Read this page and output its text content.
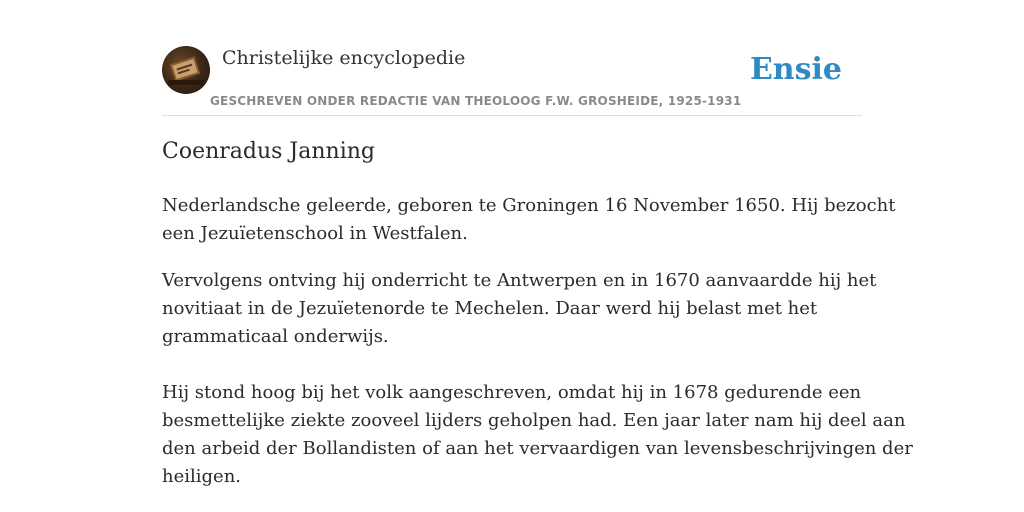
Christelijke encyclopedie
GESCHREVEN ONDER REDACTIE VAN THEOLOOG F.W. GROSHEIDE, 1925-1931
Ensie
Coenradus Janning
Nederlandsche geleerde, geboren te Groningen 16 November 1650. Hij bezocht
een Jezuïetenschool in Westfalen.
Vervolgens ontving hij onderricht te Antwerpen en in 1670 aanvaardde hij het
novitiaat in de Jezuïetenorde te Mechelen. Daar werd hij belast met het
grammaticaal onderwijs.
Hij stond hoog bij het volk aangeschreven, omdat hij in 1678 gedurende een
besmettelijke ziekte zooveel lijders geholpen had. Een jaar later nam hij deel aan
den arbeid der Bollandisten of aan het vervaardigen van levensbeschrijvingen der
heiligen.
